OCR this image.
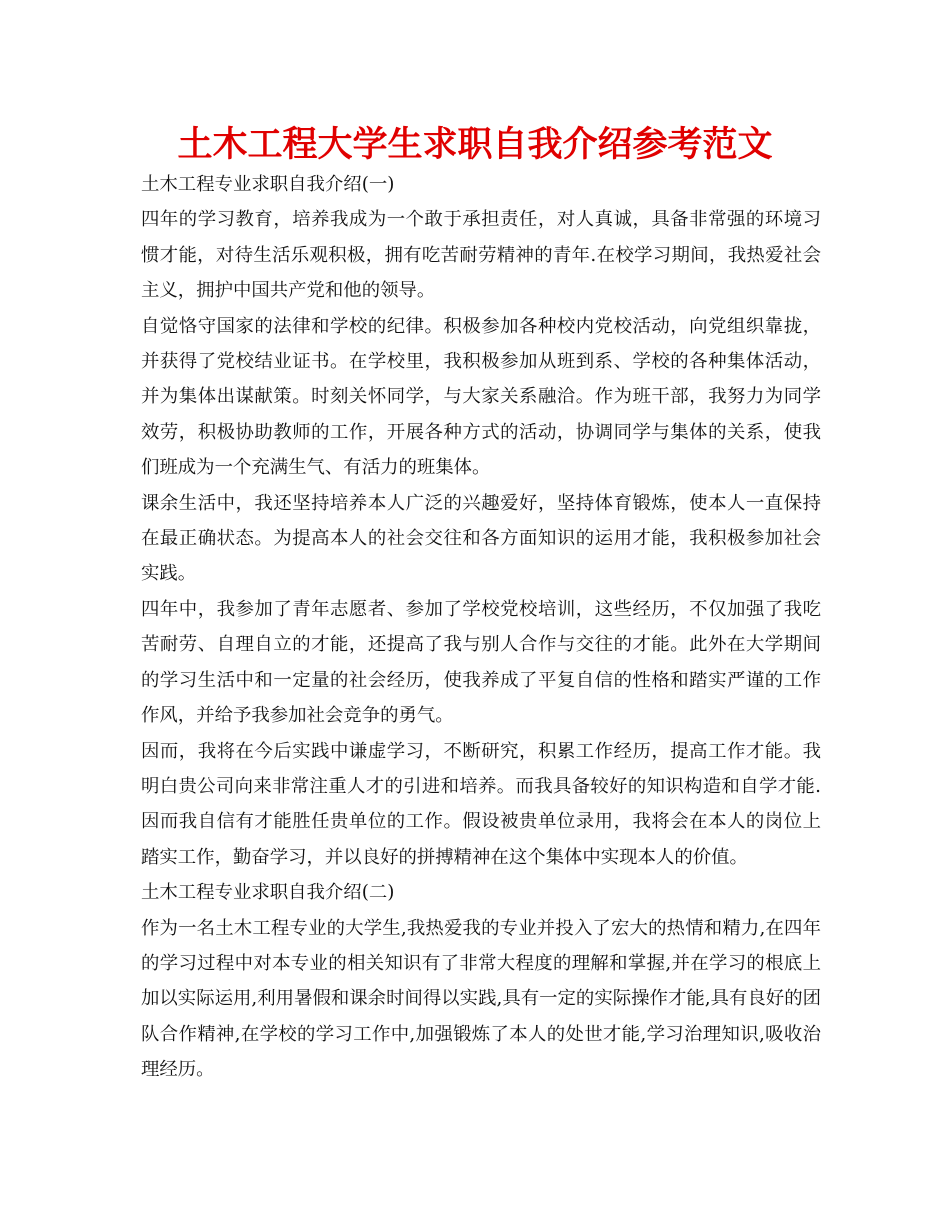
土木工程大学生求职自我介绍参考范文

土木工程专业求职自我介绍(一)

四年的学习教育，培养我成为一个敢于承担责任，对人真诚，具备非常强的环境习惯才能，对待生活乐观积极，拥有吃苦耐劳精神的青年.在校学习期间，我热爱社会主义，拥护中国共产党和他的领导。

自觉恪守国家的法律和学校的纪律。积极参加各种校内党校活动，向党组织靠拢，并获得了党校结业证书。在学校里，我积极参加从班到系、学校的各种集体活动，并为集体出谋献策。时刻关怀同学，与大家关系融洽。作为班干部，我努力为同学效劳，积极协助教师的工作，开展各种方式的活动，协调同学与集体的关系，使我们班成为一个充满生气、有活力的班集体。

课余生活中，我还坚持培养本人广泛的兴趣爱好，坚持体育锻炼，使本人一直保持在最正确状态。为提高本人的社会交往和各方面知识的运用才能，我积极参加社会实践。

四年中，我参加了青年志愿者、参加了学校党校培训，这些经历，不仅加强了我吃苦耐劳、自理自立的才能，还提高了我与别人合作与交往的才能。此外在大学期间的学习生活中和一定量的社会经历，使我养成了平复自信的性格和踏实严谨的工作作风，并给予我参加社会竞争的勇气。

因而，我将在今后实践中谦虚学习，不断研究，积累工作经历，提高工作才能。我明白贵公司向来非常注重人才的引进和培养。而我具备较好的知识构造和自学才能.因而我自信有才能胜任贵单位的工作。假设被贵单位录用，我将会在本人的岗位上踏实工作，勤奋学习，并以良好的拼搏精神在这个集体中实现本人的价值。

土木工程专业求职自我介绍(二)

作为一名土木工程专业的大学生,我热爱我的专业并投入了宏大的热情和精力,在四年的学习过程中对本专业的相关知识有了非常大程度的理解和掌握,并在学习的根底上加以实际运用,利用暑假和课余时间得以实践,具有一定的实际操作才能,具有良好的团队合作精神,在学校的学习工作中,加强锻炼了本人的处世才能,学习治理知识,吸收治理经历。
